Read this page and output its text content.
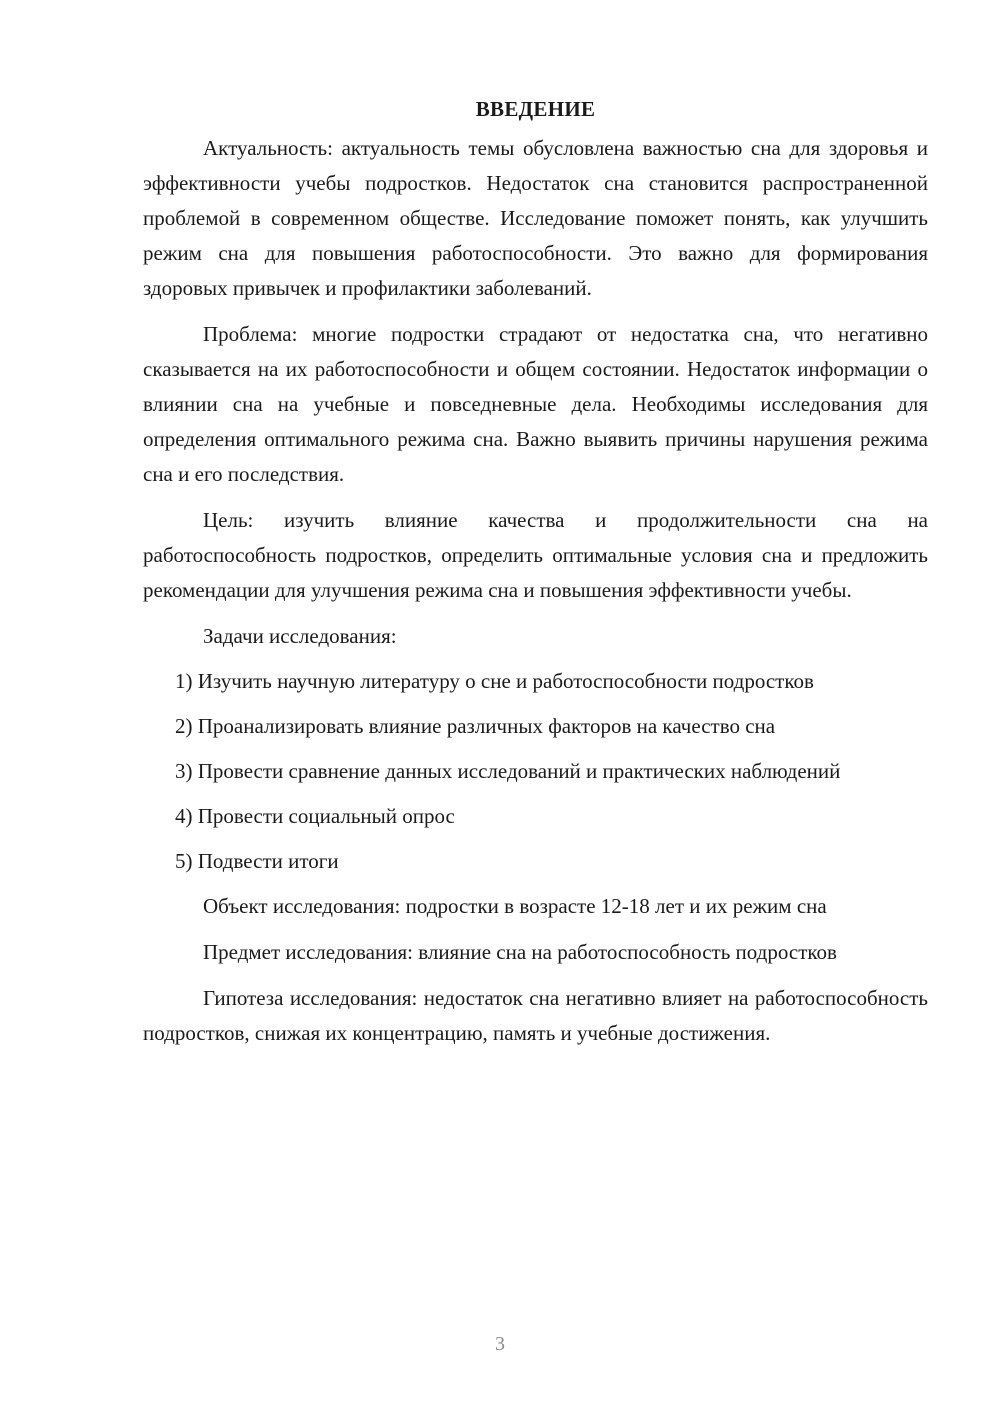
ВВЕДЕНИЕ

Актуальность: актуальность темы обусловлена важностью сна для здоровья и эффективности учебы подростков. Недостаток сна становится распространенной проблемой в современном обществе. Исследование поможет понять, как улучшить режим сна для повышения работоспособности. Это важно для формирования здоровых привычек и профилактики заболеваний.

Проблема: многие подростки страдают от недостатка сна, что негативно сказывается на их работоспособности и общем состоянии. Недостаток информации о влиянии сна на учебные и повседневные дела. Необходимы исследования для определения оптимального режима сна. Важно выявить причины нарушения режима сна и его последствия.

Цель: изучить влияние качества и продолжительности сна на работоспособность подростков, определить оптимальные условия сна и предложить рекомендации для улучшения режима сна и повышения эффективности учебы.

Задачи исследования:

1) Изучить научную литературу о сне и работоспособности подростков

2) Проанализировать влияние различных факторов на качество сна

3) Провести сравнение данных исследований и практических наблюдений

4) Провести социальный опрос

5) Подвести итоги

Объект исследования: подростки в возрасте 12-18 лет и их режим сна

Предмет исследования: влияние сна на работоспособность подростков

Гипотеза исследования: недостаток сна негативно влияет на работоспособность подростков, снижая их концентрацию, память и учебные достижения.

3
